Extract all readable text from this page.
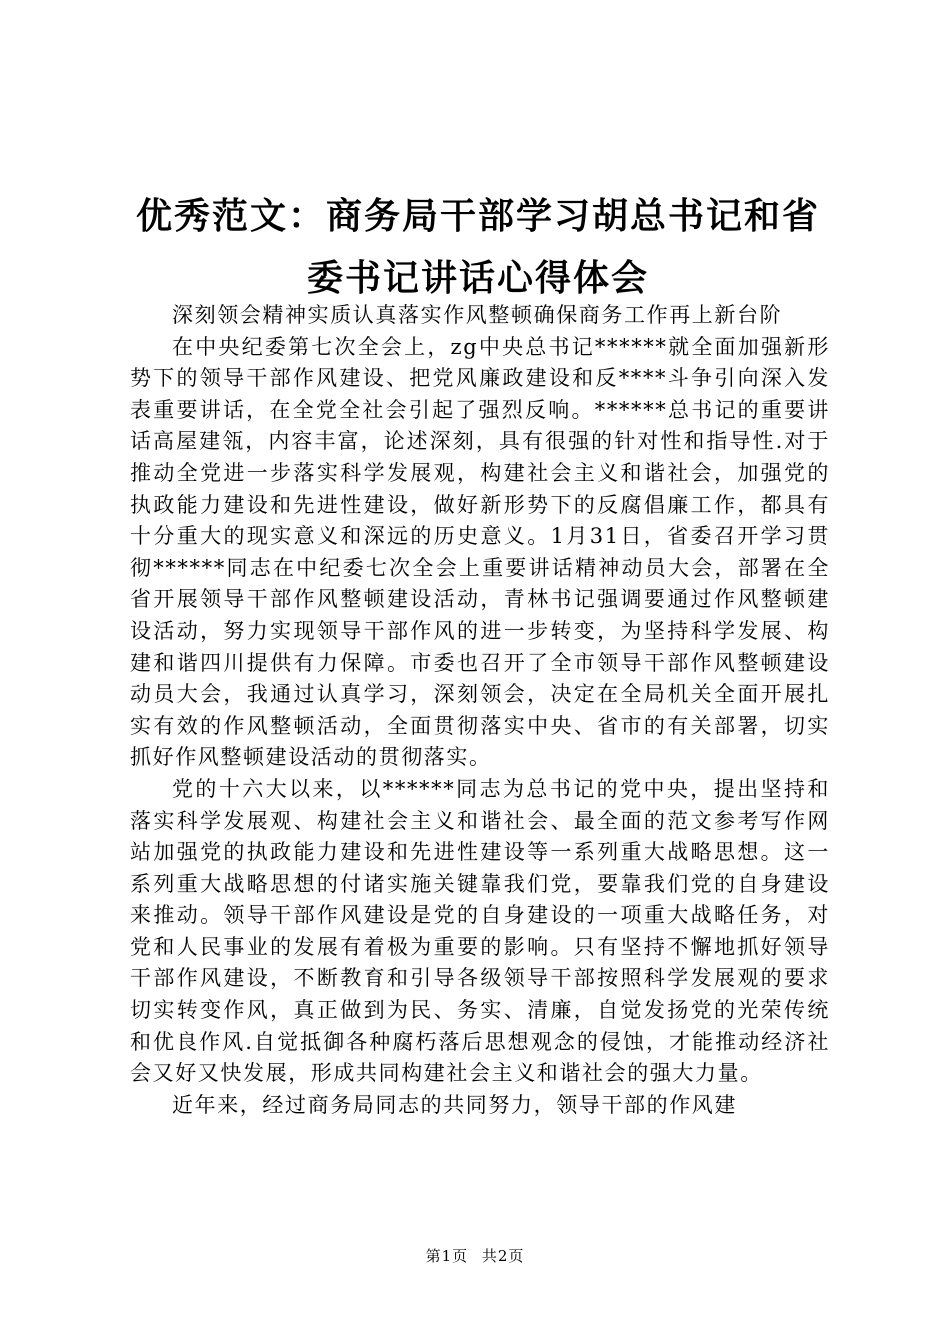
优秀范文：商务局干部学习胡总书记和省委书记讲话心得体会

深刻领会精神实质认真落实作风整顿确保商务工作再上新台阶

在中央纪委第七次全会上，zg中央总书记******就全面加强新形势下的领导干部作风建设、把党风廉政建设和反****斗争引向深入发表重要讲话，在全党全社会引起了强烈反响。******总书记的重要讲话高屋建瓴，内容丰富，论述深刻，具有很强的针对性和指导性.对于推动全党进一步落实科学发展观，构建社会主义和谐社会，加强党的执政能力建设和先进性建设，做好新形势下的反腐倡廉工作，都具有十分重大的现实意义和深远的历史意义。1月31日，省委召开学习贯彻******同志在中纪委七次全会上重要讲话精神动员大会，部署在全省开展领导干部作风整顿建设活动，青林书记强调要通过作风整顿建设活动，努力实现领导干部作风的进一步转变，为坚持科学发展、构建和谐四川提供有力保障。市委也召开了全市领导干部作风整顿建设动员大会，我通过认真学习，深刻领会，决定在全局机关全面开展扎实有效的作风整顿活动，全面贯彻落实中央、省市的有关部署，切实抓好作风整顿建设活动的贯彻落实。

党的十六大以来，以******同志为总书记的党中央，提出坚持和落实科学发展观、构建社会主义和谐社会、最全面的范文参考写作网站加强党的执政能力建设和先进性建设等一系列重大战略思想。这一系列重大战略思想的付诸实施关键靠我们党，要靠我们党的自身建设来推动。领导干部作风建设是党的自身建设的一项重大战略任务，对党和人民事业的发展有着极为重要的影响。只有坚持不懈地抓好领导干部作风建设，不断教育和引导各级领导干部按照科学发展观的要求切实转变作风，真正做到为民、务实、清廉，自觉发扬党的光荣传统和优良作风.自觉抵御各种腐朽落后思想观念的侵蚀，才能推动经济社会又好又快发展，形成共同构建社会主义和谐社会的强大力量。

近年来，经过商务局同志的共同努力，领导干部的作风建

第1页 共2页
